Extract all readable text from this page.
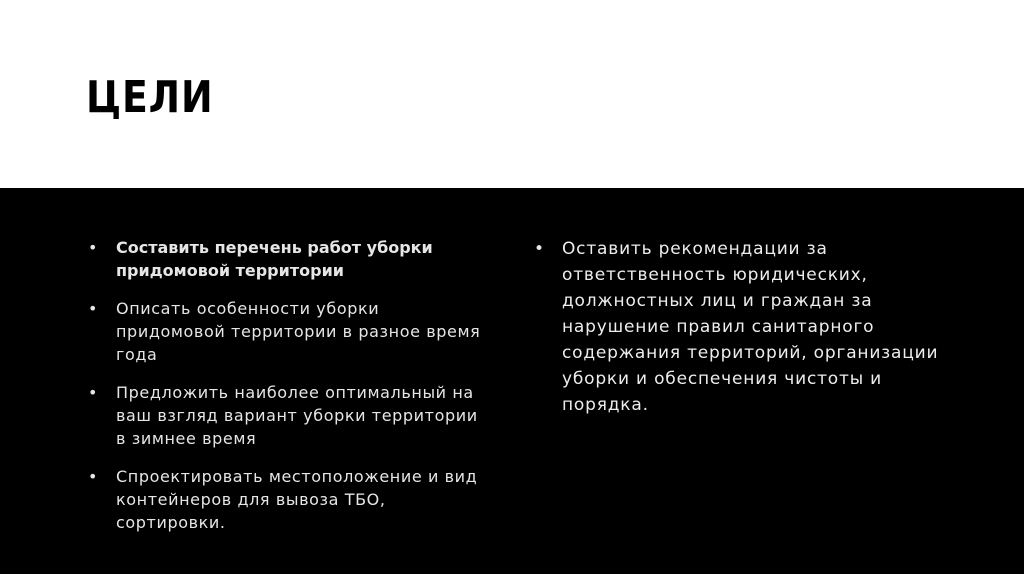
ЦЕЛИ
• Составить перечень работ уборки придомовой территории
• Описать особенности уборки придомовой территории в разное время года
• Предложить наиболее оптимальный на ваш взгляд вариант уборки территории в зимнее время
• Спроектировать местоположение и вид контейнеров для вывоза ТБО, сортировки.
• Оставить рекомендации за ответственность юридических, должностных лиц и граждан за нарушение правил санитарного содержания территорий, организации уборки и обеспечения чистоты и порядка.
